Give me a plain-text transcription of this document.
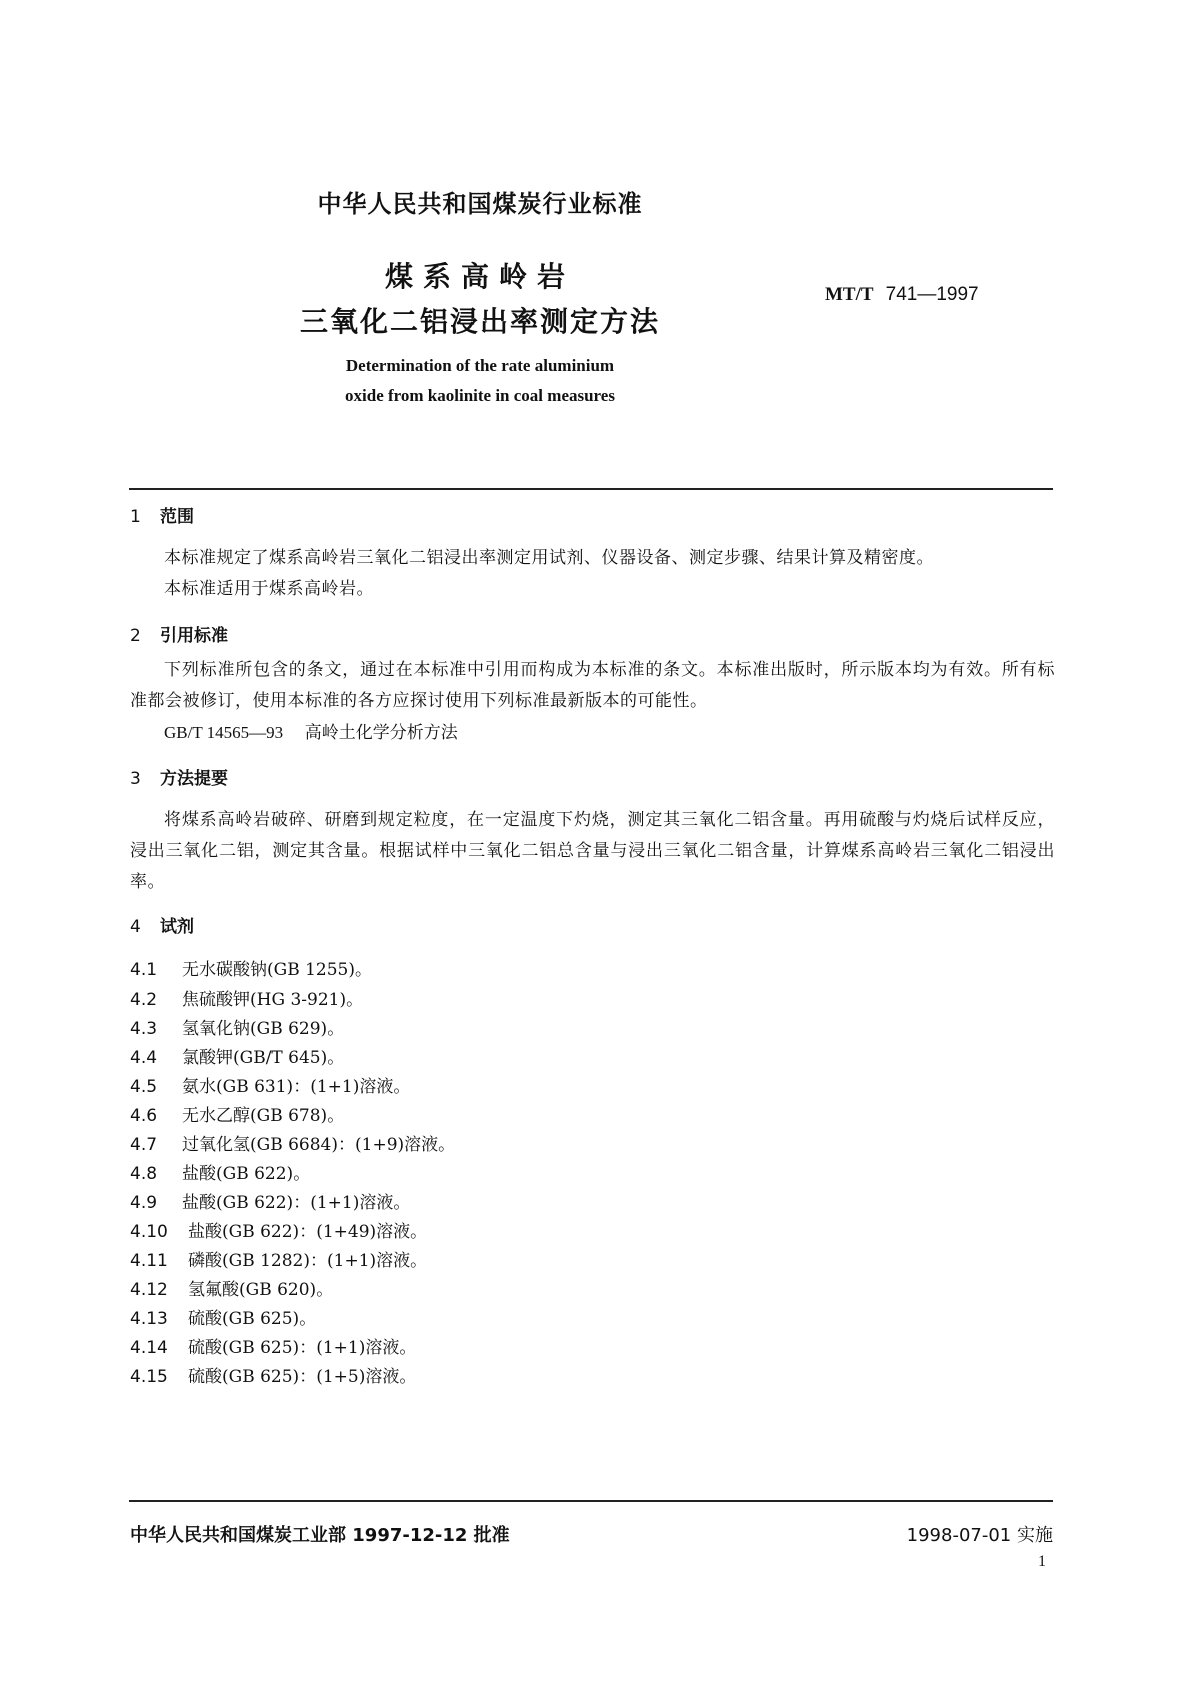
中华人民共和国煤炭行业标准
煤系高岭岩
三氧化二铝浸出率测定方法
MT/T 741—1997
Determination of the rate aluminium
oxide from kaolinite in coal measures
1 范围
本标准规定了煤系高岭岩三氧化二铝浸出率测定用试剂、仪器设备、测定步骤、结果计算及精密度。
本标准适用于煤系高岭岩。
2 引用标准
下列标准所包含的条文，通过在本标准中引用而构成为本标准的条文。本标准出版时，所示版本均为有效。所有标准都会被修订，使用本标准的各方应探讨使用下列标准最新版本的可能性。
GB/T 14565—93 高岭土化学分析方法
3 方法提要
将煤系高岭岩破碎、研磨到规定粒度，在一定温度下灼烧，测定其三氧化二铝含量。再用硫酸与灼烧后试样反应，浸出三氧化二铝，测定其含量。根据试样中三氧化二铝总含量与浸出三氧化二铝含量，计算煤系高岭岩三氧化二铝浸出率。
4 试剂
4.1 无水碳酸钠(GB 1255)。
4.2 焦硫酸钾(HG 3-921)。
4.3 氢氧化钠(GB 629)。
4.4 氯酸钾(GB/T 645)。
4.5 氨水(GB 631)：(1+1)溶液。
4.6 无水乙醇(GB 678)。
4.7 过氧化氢(GB 6684)：(1+9)溶液。
4.8 盐酸(GB 622)。
4.9 盐酸(GB 622)：(1+1)溶液。
4.10 盐酸(GB 622)：(1+49)溶液。
4.11 磷酸(GB 1282)：(1+1)溶液。
4.12 氢氟酸(GB 620)。
4.13 硫酸(GB 625)。
4.14 硫酸(GB 625)：(1+1)溶液。
4.15 硫酸(GB 625)：(1+5)溶液。
中华人民共和国煤炭工业部 1997-12-12 批准	1998-07-01 实施
1
